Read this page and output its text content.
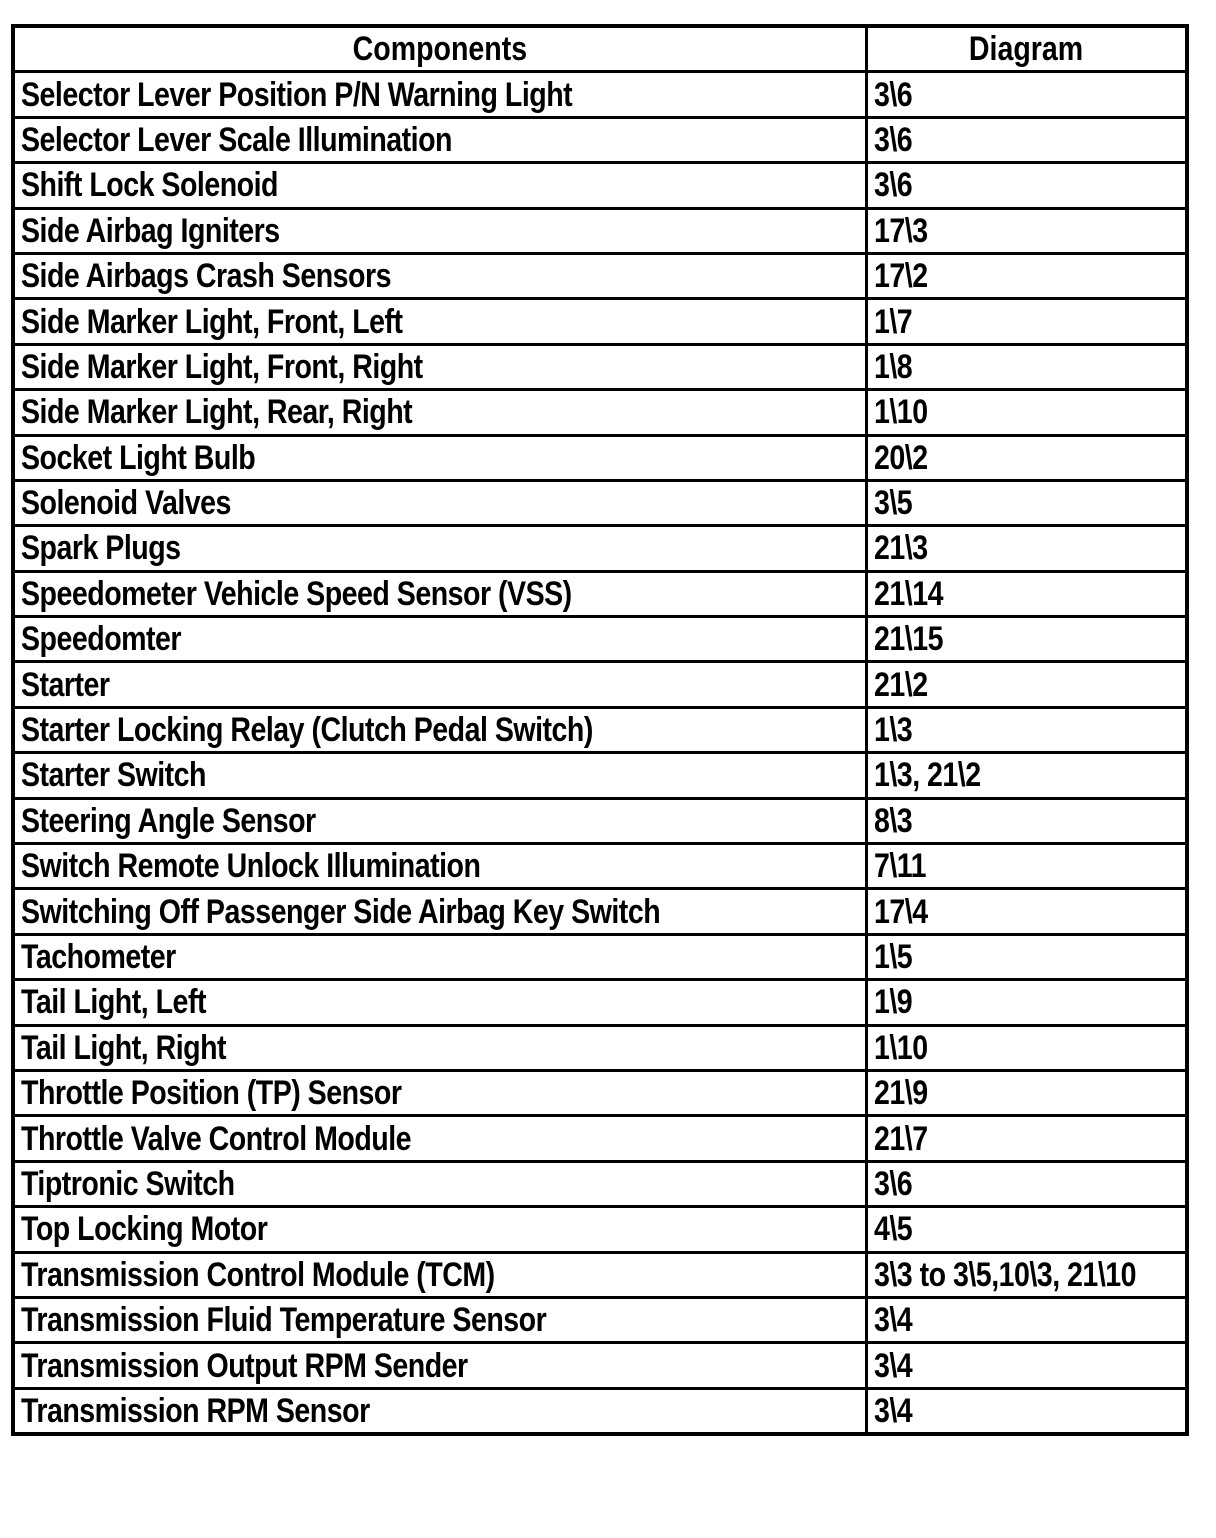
Components	Diagram
Selector Lever Position P/N Warning Light	3\6
Selector Lever Scale Illumination	3\6
Shift Lock Solenoid	3\6
Side Airbag Igniters	17\3
Side Airbags Crash Sensors	17\2
Side Marker Light, Front, Left	1\7
Side Marker Light, Front, Right	1\8
Side Marker Light, Rear, Right	1\10
Socket Light Bulb	20\2
Solenoid Valves	3\5
Spark Plugs	21\3
Speedometer Vehicle Speed Sensor (VSS)	21\14
Speedomter	21\15
Starter	21\2
Starter Locking Relay (Clutch Pedal Switch)	1\3
Starter Switch	1\3, 21\2
Steering Angle Sensor	8\3
Switch Remote Unlock Illumination	7\11
Switching Off Passenger Side Airbag Key Switch	17\4
Tachometer	1\5
Tail Light, Left	1\9
Tail Light, Right	1\10
Throttle Position (TP) Sensor	21\9
Throttle Valve Control Module	21\7
Tiptronic Switch	3\6
Top Locking Motor	4\5
Transmission Control Module (TCM)	3\3 to 3\5,10\3, 21\10
Transmission Fluid Temperature Sensor	3\4
Transmission Output RPM Sender	3\4
Transmission RPM Sensor	3\4
